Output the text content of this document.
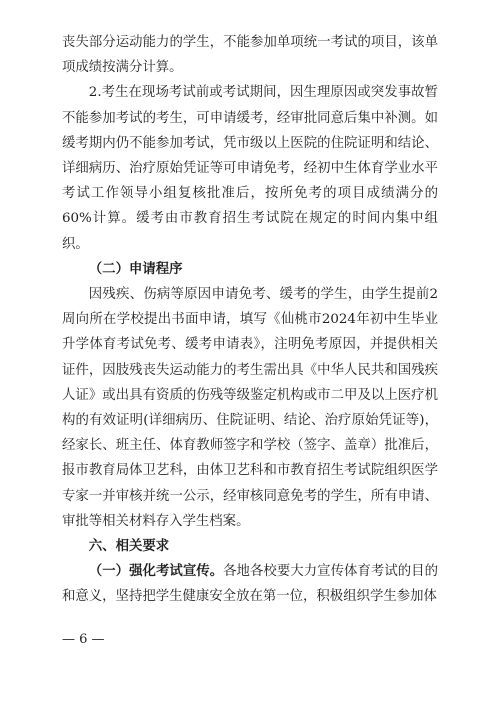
丧失部分运动能力的学生，不能参加单项统一考试的项目，该单项成绩按满分计算。

2.考生在现场考试前或考试期间，因生理原因或突发事故暂不能参加考试的考生，可申请缓考，经审批同意后集中补测。如缓考期内仍不能参加考试，凭市级以上医院的住院证明和结论、详细病历、治疗原始凭证等可申请免考，经初中生体育学业水平考试工作领导小组复核批准后，按所免考的项目成绩满分的60%计算。缓考由市教育招生考试院在规定的时间内集中组织。

（二）申请程序

因残疾、伤病等原因申请免考、缓考的学生，由学生提前2周向所在学校提出书面申请，填写《仙桃市2024年初中生毕业升学体育考试免考、缓考申请表》，注明免考原因，并提供相关证件，因肢残丧失运动能力的考生需出具《中华人民共和国残疾人证》或出具有资质的伤残等级鉴定机构或市二甲及以上医疗机构的有效证明(详细病历、住院证明、结论、治疗原始凭证等)，经家长、班主任、体育教师签字和学校（签字、盖章）批准后，报市教育局体卫艺科，由体卫艺科和市教育招生考试院组织医学专家一并审核并统一公示，经审核同意免考的学生，所有申请、审批等相关材料存入学生档案。

六、相关要求

（一）强化考试宣传。各地各校要大力宣传体育考试的目的和意义，坚持把学生健康安全放在第一位，积极组织学生参加体

— 6 —
